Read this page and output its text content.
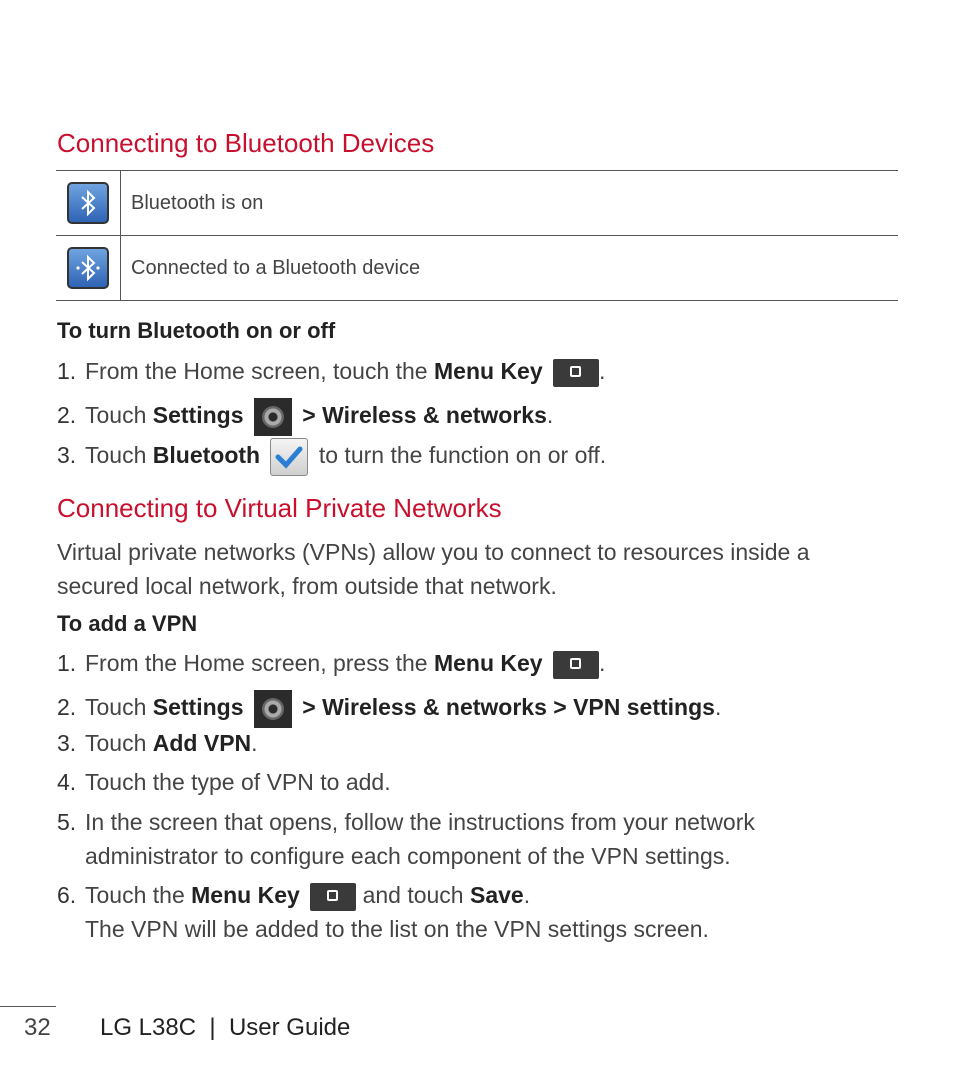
Connecting to Bluetooth Devices
	Bluetooth is on

	Connected to a Bluetooth device
To turn Bluetooth on or off
1. From the Home screen, touch the Menu Key .
2. Touch Settings	> Wireless & networks.
3. Touch Bluetooth	to turn the function on or off.
Connecting to Virtual Private Networks
Virtual private networks (VPNs) allow you to connect to resources inside a
secured local network, from outside that network.
To add a VPN
1. From the Home screen, press the Menu Key .
2. Touch Settings	> Wireless & networks > VPN settings.
3. Touch Add VPN.
4. Touch the type of VPN to add.
5. In the screen that opens, follow the instructions from your network
administrator to configure each component of the VPN settings.
6. Touch the Menu Key	and touch Save.
The VPN will be added to the list on the VPN settings screen.
32 LG L38C  |  User Guide
